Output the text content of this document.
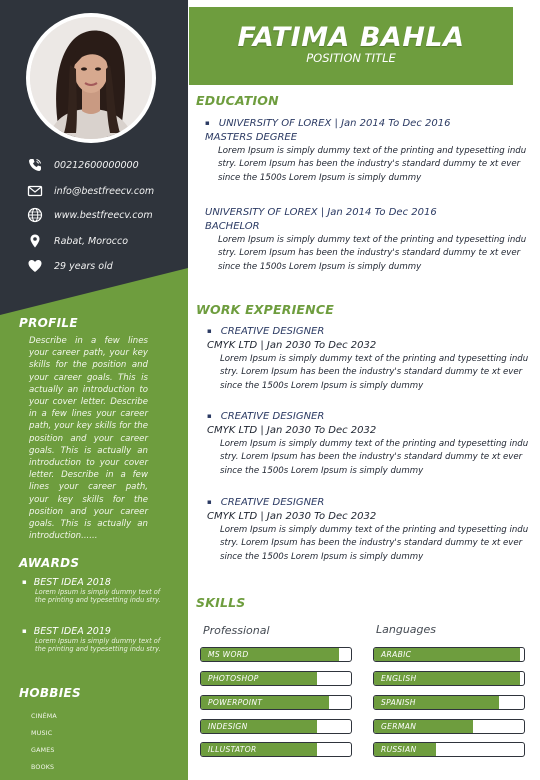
00212600000000
info@bestfreecv.com
www.bestfreecv.com
Rabat, Morocco
29 years old
PROFILE
Describe in a few lines your career path, your key skills for the position and your career goals. This is actually an introduction to your cover letter. Describe in a few lines your career path, your key skills for the position and your career goals. This is actually an introduction to your cover letter. Describe in a few lines your career path, your key skills for the position and your career goals. This is actually an introduction......
AWARDS
▪ BEST IDEA 2018
Lorem Ipsum is simply dummy text of the printing and typesetting indu stry.
▪ BEST IDEA 2019
Lorem Ipsum is simply dummy text of the printing and typesetting indu stry.
HOBBIES
CINÉMA
MUSIC
GAMES
BOOKS
FATIMA BAHLA
POSITION TITLE
EDUCATION
▪ UNIVERSITY OF LOREX | Jan 2014 To Dec 2016
MASTERS DEGREE
Lorem Ipsum is simply dummy text of the printing and typesetting indu stry. Lorem Ipsum has been the industry's standard dummy te xt ever since the 1500s Lorem Ipsum is simply dummy
UNIVERSITY OF LOREX | Jan 2014 To Dec 2016
BACHELOR
Lorem Ipsum is simply dummy text of the printing and typesetting indu stry. Lorem Ipsum has been the industry's standard dummy te xt ever since the 1500s Lorem Ipsum is simply dummy
WORK EXPERIENCE
▪ CREATIVE DESIGNER
CMYK LTD | Jan 2030 To Dec 2032
Lorem Ipsum is simply dummy text of the printing and typesetting indu stry. Lorem Ipsum has been the industry's standard dummy te xt ever since the 1500s Lorem Ipsum is simply dummy
▪ CREATIVE DESIGNER
CMYK LTD | Jan 2030 To Dec 2032
Lorem Ipsum is simply dummy text of the printing and typesetting indu stry. Lorem Ipsum has been the industry's standard dummy te xt ever since the 1500s Lorem Ipsum is simply dummy
▪ CREATIVE DESIGNER
CMYK LTD | Jan 2030 To Dec 2032
Lorem Ipsum is simply dummy text of the printing and typesetting indu stry. Lorem Ipsum has been the industry's standard dummy te xt ever since the 1500s Lorem Ipsum is simply dummy
SKILLS
Professional	Languages
MS WORD
PHOTOSHOP
POWERPOINT
INDESIGN
ILLUSTATOR
ARABIC
ENGLISH
SPANISH
GERMAN
RUSSIAN
